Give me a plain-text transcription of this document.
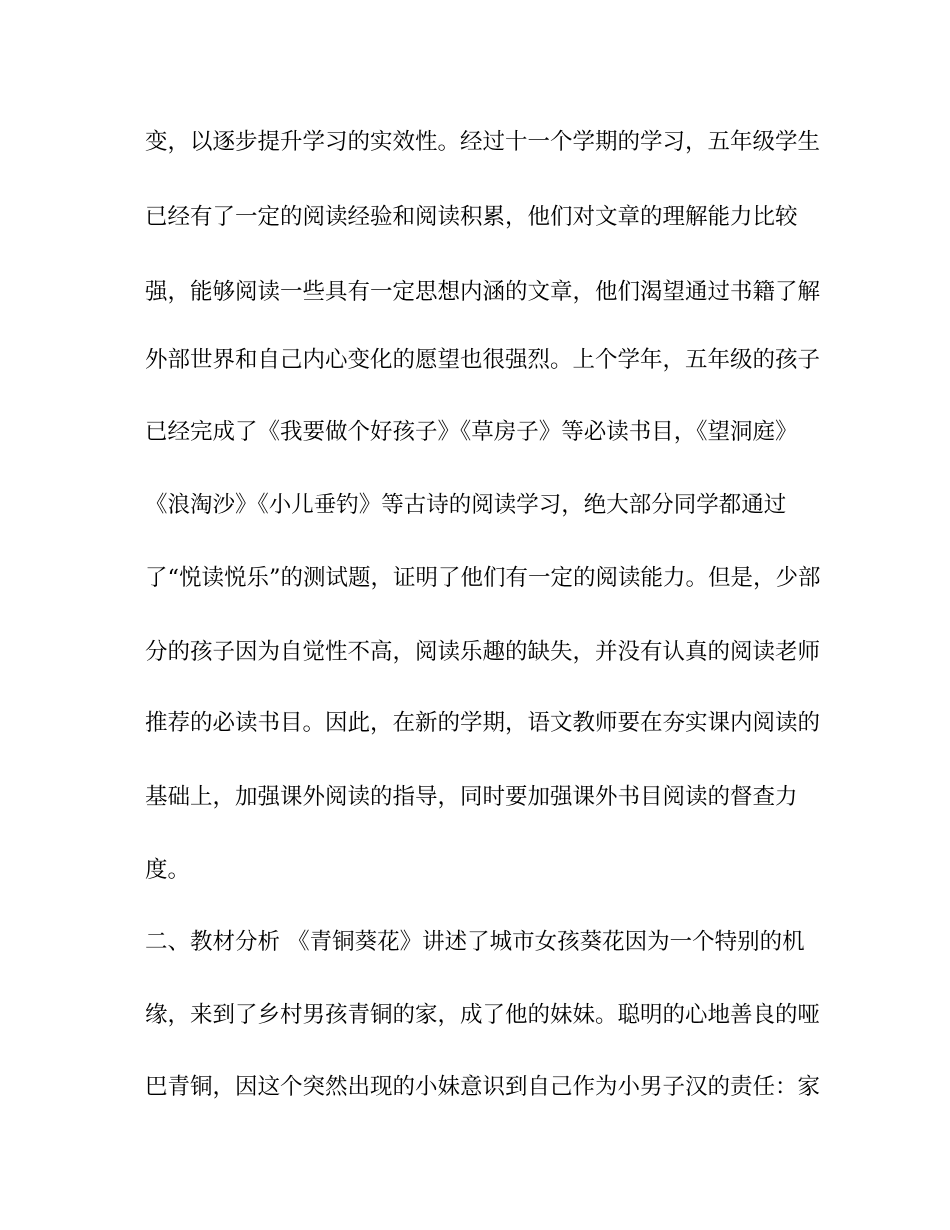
变，以逐步提升学习的实效性。经过十一个学期的学习，五年级学生
已经有了一定的阅读经验和阅读积累，他们对文章的理解能力比较
强，能够阅读一些具有一定思想内涵的文章，他们渴望通过书籍了解
外部世界和自己内心变化的愿望也很强烈。上个学年，五年级的孩子
已经完成了《我要做个好孩子》《草房子》等必读书目，《望洞庭》
《浪淘沙》《小儿垂钓》等古诗的阅读学习，绝大部分同学都通过
了“悦读悦乐”的测试题，证明了他们有一定的阅读能力。但是，少部
分的孩子因为自觉性不高，阅读乐趣的缺失，并没有认真的阅读老师
推荐的必读书目。因此，在新的学期，语文教师要在夯实课内阅读的
基础上，加强课外阅读的指导，同时要加强课外书目阅读的督查力
度。
二、教材分析 《青铜葵花》讲述了城市女孩葵花因为一个特别的机
缘，来到了乡村男孩青铜的家，成了他的妹妹。聪明的心地善良的哑
巴青铜，因这个突然出现的小妹意识到自己作为小男子汉的责任：家
